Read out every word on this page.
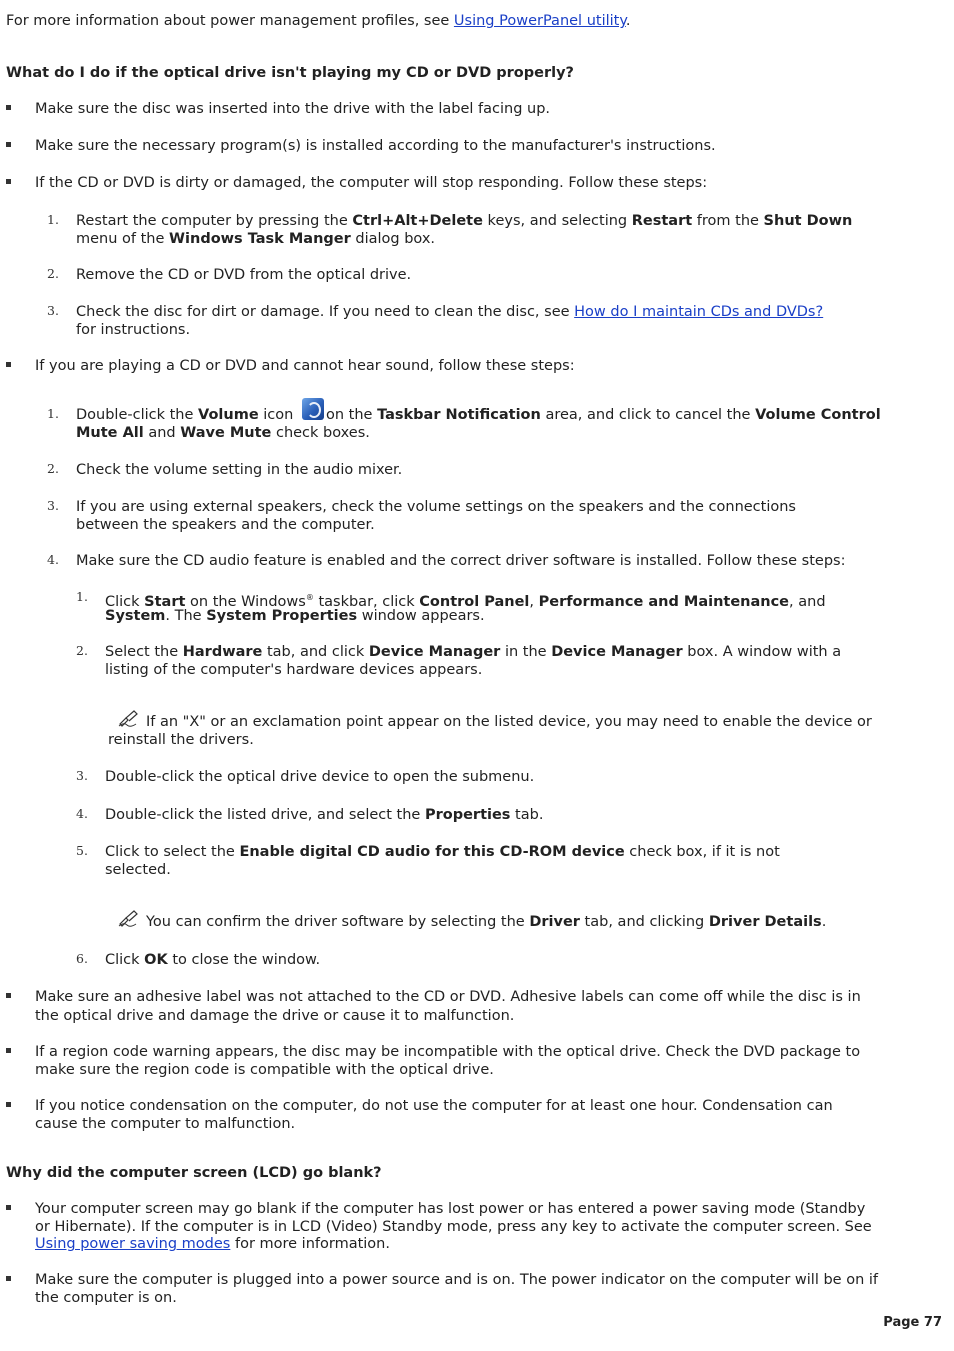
For more information about power management profiles, see Using PowerPanel utility.
What do I do if the optical drive isn't playing my CD or DVD properly?
Make sure the disc was inserted into the drive with the label facing up.
Make sure the necessary program(s) is installed according to the manufacturer's instructions.
If the CD or DVD is dirty or damaged, the computer will stop responding. Follow these steps:
1. Restart the computer by pressing the Ctrl+Alt+Delete keys, and selecting Restart from the Shut Down
menu of the Windows Task Manger dialog box.
2. Remove the CD or DVD from the optical drive.
3. Check the disc for dirt or damage. If you need to clean the disc, see How do I maintain CDs and DVDs?
for instructions.
If you are playing a CD or DVD and cannot hear sound, follow these steps:
1. Double-click the Volume icon on the Taskbar Notification area, and click to cancel the Volume Control
Mute All and Wave Mute check boxes.
2. Check the volume setting in the audio mixer.
3. If you are using external speakers, check the volume settings on the speakers and the connections
between the speakers and the computer.
4. Make sure the CD audio feature is enabled and the correct driver software is installed. Follow these steps:
1. Click Start on the Windows® taskbar, click Control Panel, Performance and Maintenance, and
System. The System Properties window appears.
2. Select the Hardware tab, and click Device Manager in the Device Manager box. A window with a
listing of the computer's hardware devices appears.
If an "X" or an exclamation point appear on the listed device, you may need to enable the device or
reinstall the drivers.
3. Double-click the optical drive device to open the submenu.
4. Double-click the listed drive, and select the Properties tab.
5. Click to select the Enable digital CD audio for this CD-ROM device check box, if it is not
selected.
You can confirm the driver software by selecting the Driver tab, and clicking Driver Details.
6. Click OK to close the window.
Make sure an adhesive label was not attached to the CD or DVD. Adhesive labels can come off while the disc is in
the optical drive and damage the drive or cause it to malfunction.
If a region code warning appears, the disc may be incompatible with the optical drive. Check the DVD package to
make sure the region code is compatible with the optical drive.
If you notice condensation on the computer, do not use the computer for at least one hour. Condensation can
cause the computer to malfunction.
Why did the computer screen (LCD) go blank?
Your computer screen may go blank if the computer has lost power or has entered a power saving mode (Standby
or Hibernate). If the computer is in LCD (Video) Standby mode, press any key to activate the computer screen. See
Using power saving modes for more information.
Make sure the computer is plugged into a power source and is on. The power indicator on the computer will be on if
the computer is on.
Page 77
